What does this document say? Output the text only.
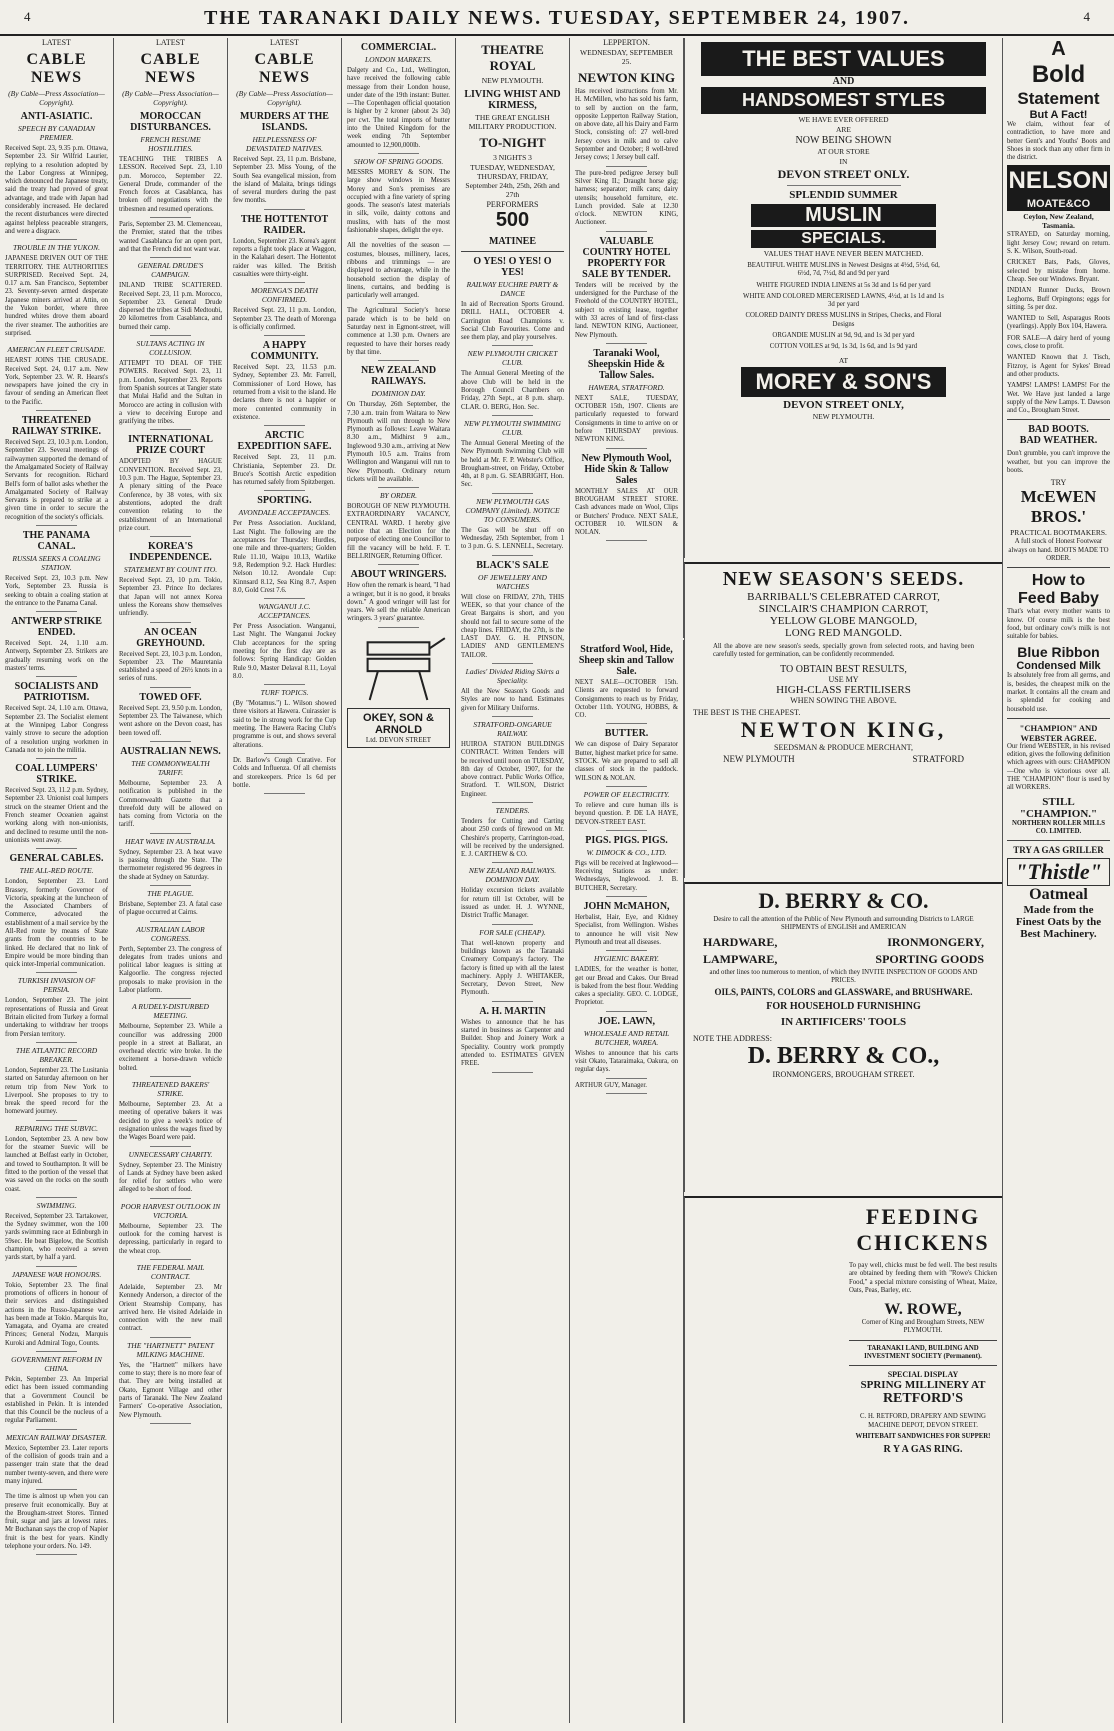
4	THE TARANAKI DAILY NEWS. TUESDAY, SEPTEMBER 24, 1907.	4

LATEST

CABLE NEWS

(By Cable—Press Association—Copyright).

ANTI-ASIATIC.

SPEECH BY CANADIAN PREMIER.

Received Sept. 23, 9.35 p.m. Ottawa, September 23. Sir Wilfrid Laurier, replying to a resolution adopted by the Labor Congress at Winnipeg, which denounced the Japanese treaty, said the treaty had proved of great advantage, and trade with Japan had considerably increased. He declared the recent disturbances were directed against helpless peaceable strangers, and were a disgrace.

TROUBLE IN THE YUKON.

JAPANESE DRIVEN OUT OF THE TERRITORY. THE AUTHORITIES SURPRISED. Received Sept. 24, 0.17 a.m. San Francisco, September 23. Seventy-seven armed desperate Japanese miners arrived at Attin, on the Yukon border, where three hundred whites drove them aboard the river steamer. The authorities are surprised.

AMERICAN FLEET CRUSADE.

HEARST JOINS THE CRUSADE. Received Sept. 24, 0.17 a.m. New York, September 23. W. R. Hearst's newspapers have joined the cry in favour of sending an American fleet to the Pacific.

THREATENED RAILWAY STRIKE.

Received Sept. 23, 10.3 p.m. London, September 23. Several meetings of railwaymen supported the demand of the Amalgamated Society of Railway Servants for recognition. Richard Bell's form of ballot asks whether the Amalgamated Society of Railway Servants is prepared to strike at a given time in order to secure the recognition of the society's officials.

THE PANAMA CANAL.

RUSSIA SEEKS A COALING STATION.

Received Sept. 23, 10.3 p.m. New York, September 23. Russia is seeking to obtain a coaling station at the entrance to the Panama Canal.

ANTWERP STRIKE ENDED.

Received Sept. 24, 1.10 a.m. Antwerp, September 23. Strikers are gradually resuming work on the masters' terms.

SOCIALISTS AND PATRIOTISM.

Received Sept. 24, 1.10 a.m. Ottawa, September 23. The Socialist element at the Winnipeg Labor Congress vainly strove to secure the adoption of a resolution urging workmen in Canada not to join the militia.

COAL LUMPERS' STRIKE.

Received Sept. 23, 11.2 p.m. Sydney, September 23. Unionist coal lumpers struck on the steamer Orient and the French steamer Oceanien against working along with non-unionists, and declined to resume until the non-unionists went away.

GENERAL CABLES.

THE ALL-RED ROUTE.

London, September 23. Lord Brassey, formerly Governor of Victoria, speaking at the luncheon of the Associated Chambers of Commerce, advocated the establishment of a mail service by the All-Red route by means of State grants from the countries to be linked. He declared that no link of Empire would be more binding than quick inter-Imperial communication.

TURKISH INVASION OF PERSIA.

London, September 23. The joint representations of Russia and Great Britain elicited from Turkey a formal undertaking to withdraw her troops from Persian territory.

THE ATLANTIC RECORD BREAKER.

London, September 23. The Lusitania started on Saturday afternoon on her return trip from New York to Liverpool. She proposes to try to break the speed record for the homeward journey.

REPAIRING THE SUBVIC.

London, September 23. A new bow for the steamer Suevic will be launched at Belfast early in October, and towed to Southampton. It will be fitted to the portion of the vessel that was saved on the rocks on the south coast.

SWIMMING.

Received, September 23. Tartakower, the Sydney swimmer, won the 100 yards swimming race at Edinburgh in 59sec. He beat Bigelow, the Scottish champion, who received a seven yards start, by half a yard.

JAPANESE WAR HONOURS.

Tokio, September 23. The final promotions of officers in honour of their services and distinguished actions in the Russo-Japanese war has been made at Tokio. Marquis Ito, Yamagata, and Oyama are created Princes; General Nodzu, Marquis Kuroki and Admiral Togo, Counts.

GOVERNMENT REFORM IN CHINA.

Pekin, September 23. An Imperial edict has been issued commanding that a Government Council be established in Pekin. It is intended that this Council be the nucleus of a regular Parliament.

MEXICAN RAILWAY DISASTER.

Mexico, September 23. Later reports of the collision of goods train and a passenger train state that the dead number twenty-seven, and there were many injured.

The time is almost up when you can preserve fruit economically. Buy at the Brougham-street Stores. Tinned fruit, sugar and jars at lowest rates. Mr Buchanan says the crop of Napier fruit is the best for years. Kindly telephone your orders. No. 149.

LATEST

CABLE NEWS

(By Cable—Press Association—Copyright).

MOROCCAN DISTURBANCES.

FRENCH RESUME HOSTILITIES.

TEACHING THE TRIBES A LESSON. Received Sept. 23, 1.10 p.m. Morocco, September 22. General Drude, commander of the French forces at Casablanca, has broken off negotiations with the tribesmen and resumed operations.

Paris, September 23. M. Clemenceau, the Premier, stated that the tribes wanted Casablanca for an open port, and that the French did not want war.

GENERAL DRUDE'S CAMPAIGN.

INLAND TRIBE SCATTERED. Received Sept. 23, 11 p.m. Morocco, September 23. General Drude dispersed the tribes at Sidi Medtoubi, 20 kilometres from Casablanca, and burned their camp.

SULTANS ACTING IN COLLUSION.

ATTEMPT TO DEAL OF THE POWERS. Received Sept. 23, 11 p.m. London, September 23. Reports from Spanish sources at Tangier state that Mulai Hafid and the Sultan in Morocco are acting in collusion with a view to deceiving Europe and gratifying the tribes.

INTERNATIONAL PRIZE COURT

ADOPTED BY HAGUE CONVENTION. Received Sept. 23, 10.3 p.m. The Hague, September 23. A plenary sitting of the Peace Conference, by 38 votes, with six abstentions, adopted the draft convention relating to the establishment of an International prize court.

KOREA'S INDEPENDENCE.

STATEMENT BY COUNT ITO.

Received Sept. 23, 10 p.m. Tokio, September 23. Prince Ito declares that Japan will not annex Korea unless the Koreans show themselves unfriendly.

AN OCEAN GREYHOUND.

Received Sept. 23, 10.3 p.m. London, September 23. The Mauretania established a speed of 26½ knots in a series of runs.

TOWED OFF.

Received Sept. 23, 9.50 p.m. London, September 23. The Taiwanese, which went ashore on the Devon coast, has been towed off.

AUSTRALIAN NEWS.

THE COMMONWEALTH TARIFF.

Melbourne, September 23. A notification is published in the Commonwealth Gazette that a threefold duty will be allowed on hats coming from Victoria on the tariff.

HEAT WAVE IN AUSTRALIA.

Sydney, September 23. A heat wave is passing through the State. The thermometer registered 96 degrees in the shade at Sydney on Saturday.

THE PLAGUE.

Brisbane, September 23. A fatal case of plague occurred at Cairns.

AUSTRALIAN LABOR CONGRESS.

Perth, September 23. The congress of delegates from trades unions and political labor leagues is sitting at Kalgoorlie. The congress rejected proposals to make provision in the Labor platform.

A RUDELY-DISTURBED MEETING.

Melbourne, September 23. While a councillor was addressing 2000 people in a street at Ballarat, an overhead electric wire broke. In the excitement a horse-drawn vehicle bolted.

THREATENED BAKERS' STRIKE.

Melbourne, September 23. At a meeting of operative bakers it was decided to give a week's notice of resignation unless the wages fixed by the Wages Board were paid.

UNNECESSARY CHARITY.

Sydney, September 23. The Ministry of Lands at Sydney have been asked for relief for settlers who were alleged to be short of food.

POOR HARVEST OUTLOOK IN VICTORIA.

Melbourne, September 23. The outlook for the coming harvest is depressing, particularly in regard to the wheat crop.

THE FEDERAL MAIL CONTRACT.

Adelaide, September 23. Mr Kennedy Anderson, a director of the Orient Steamship Company, has arrived here. He visited Adelaide in connection with the new mail contract.

THE "HARTNETT" PATENT MILKING MACHINE.

Yes, the "Hartnett" milkers have come to stay; there is no more fear of that. They are being installed at Okato, Egmont Village and other parts of Taranaki. The New Zealand Farmers' Co-operative Association, New Plymouth.

LATEST

CABLE NEWS

(By Cable—Press Association—Copyright).

MURDERS AT THE ISLANDS.

HELPLESSNESS OF DEVASTATED NATIVES.

Received Sept. 23, 11 p.m. Brisbane, September 23. Miss Young, of the South Sea evangelical mission, from the island of Malaita, brings tidings of several murders during the past few months.

THE HOTTENTOT RAIDER.

London, September 23. Korea's agent reports a fight took place at Waggon, in the Kalahari desert. The Hottentot raider was killed. The British casualties were thirty-eight.

MORENGA'S DEATH CONFIRMED.

Received Sept. 23, 11 p.m. London, September 23. The death of Morenga is officially confirmed.

A HAPPY COMMUNITY.

Received Sept. 23, 11.53 p.m. Sydney, September 23. Mr. Farrell, Commissioner of Lord Howe, has returned from a visit to the island. He declares there is not a happier or more contented community in existence.

ARCTIC EXPEDITION SAFE.

Received Sept. 23, 11 p.m. Christiania, September 23. Dr. Bruce's Scottish Arctic expedition has returned safely from Spitzbergen.

SPORTING.

AVONDALE ACCEPTANCES.

Per Press Association. Auckland, Last Night. The following are the acceptances for Thursday: Hurdles, one mile and three-quarters; Golden Rule 11.10, Waipu 10.13, Warlike 9.8, Redemption 9.2. Hack Hurdles: Nelson 10.12. Avondale Cup: Kinnsard 8.12, Sea King 8.7, Aspen 8.0, Gold Crest 7.6.

WANGANUI J.C. ACCEPTANCES.

Per Press Association. Wanganui, Last Night. The Wanganui Jockey Club acceptances for the spring meeting for the first day are as follows: Spring Handicap: Golden Rule 9.0, Master Delaval 8.11, Loyal 8.0.

TURF TOPICS.

(By "Motamus.") L. Wilson showed three visitors at Hawera. Cuirassier is said to be in strong work for the Cup meeting. The Hawera Racing Club's programme is out, and shows several alterations.

Dr. Barlow's Cough Curative. For Colds and Influenza. Of all chemists and storekeepers. Price 1s 6d per bottle.

COMMERCIAL.

LONDON MARKETS.

Dalgety and Co., Ltd., Wellington, have received the following cable message from their London house, under date of the 19th instant: Butter.—The Copenhagen official quotation is higher by 2 kroner (about 2s 3d) per cwt. The total imports of butter into the United Kingdom for the week ending 7th September amounted to 12,900,000lb.

SHOW OF SPRING GOODS.

MESSRS MOREY & SON. The large show windows in Messrs Morey and Son's premises are occupied with a fine variety of spring goods. The season's latest materials in silk, voile, dainty cottons and muslins, with hats of the most fashionable shapes, delight the eye.

All the novelties of the season — costumes, blouses, millinery, laces, ribbons and trimmings — are displayed to advantage, while in the household section the display of linens, curtains, and bedding is particularly well arranged.

The Agricultural Society's horse parade which is to be held on Saturday next in Egmont-street, will commence at 1.30 p.m. Owners are requested to have their horses ready by that time.

NEW ZEALAND RAILWAYS.

DOMINION DAY.

On Thursday, 26th September, the 7.30 a.m. train from Waitara to New Plymouth will run through to New Plymouth as follows: Leave Waitara 8.30 a.m., Midhirst 9 a.m., Inglewood 9.30 a.m., arriving at New Plymouth 10.5 a.m. Trains from Wellington and Wanganui will run to New Plymouth. Ordinary return tickets will be available.

BY ORDER.

BOROUGH OF NEW PLYMOUTH. EXTRAORDINARY VACANCY, CENTRAL WARD. I hereby give notice that an Election for the purpose of electing one Councillor to fill the vacancy will be held. F. T. BELLRINGER, Returning Officer.

ABOUT WRINGERS.

How often the remark is heard, "I had a wringer, but it is no good, it breaks down." A good wringer will last for years. We sell the reliable American wringers. 3 years' guarantee.

OKEY, SON & ARNOLD
Ltd. DEVON STREET
THEATRE ROYAL

NEW PLYMOUTH.

LIVING WHIST AND KIRMESS,

THE GREAT ENGLISH MILITARY PRODUCTION.

TO-NIGHT

3 NIGHTS 3

TUESDAY, WEDNESDAY, THURSDAY, FRIDAY, September 24th, 25th, 26th and 27th

PERFORMERS
500
MATINEE
O YES! O YES! O YES!

RAILWAY EUCHRE PARTY & DANCE

In aid of Recreation Sports Ground. DRILL HALL, OCTOBER 4. Carrington Road Champions v. Social Club Favourites. Come and see them play, and play yourselves.

NEW PLYMOUTH CRICKET CLUB.

The Annual General Meeting of the above Club will be held in the Borough Council Chambers on Friday, 27th Sept., at 8 p.m. sharp. CLAR. O. BERG, Hon. Sec.

NEW PLYMOUTH SWIMMING CLUB.

The Annual General Meeting of the New Plymouth Swimming Club will be held at Mr. F. P. Webster's Office, Brougham-street, on Friday, October 4th, at 8 p.m. G. SEABRIGHT, Hon. Sec.

NEW PLYMOUTH GAS COMPANY (Limited). NOTICE TO CONSUMERS.

The Gas will be shut off on Wednesday, 25th September, from 1 to 3 p.m. G. S. LENNELL, Secretary.

BLACK'S SALE

OF JEWELLERY AND WATCHES

Will close on FRIDAY, 27th, THIS WEEK, so that your chance of the Great Bargains is short, and you should not fail to secure some of the cheap lines. FRIDAY, the 27th, is the LAST DAY. G. H. PINSON, LADIES' AND GENTLEMEN'S TAILOR.

Ladies' Divided Riding Skirts a Speciality.

All the New Season's Goods and Styles are now to hand. Estimates given for Military Uniforms.

STRATFORD-ONGARUE RAILWAY.

HUIROA STATION BUILDINGS CONTRACT. Written Tenders will be received until noon on TUESDAY, 8th day of October, 1907, for the above contract. Public Works Office, Stratford. T. WILSON, District Engineer.

TENDERS.

Tenders for Cutting and Carting about 250 cords of firewood on Mr. Cheshire's property, Carrington-road, will be received by the undersigned. E. J. CARTHEW & CO.

NEW ZEALAND RAILWAYS. DOMINION DAY.

Holiday excursion tickets available for return till 1st October, will be issued as under. H. J. WYNNE, District Traffic Manager.

FOR SALE (CHEAP).

That well-known property and buildings known as the Taranaki Creamery Company's factory. The factory is fitted up with all the latest machinery. Apply J. WHITAKER, Secretary, Devon Street, New Plymouth.

A. H. MARTIN

Wishes to announce that he has started in business as Carpenter and Builder. Shop and Joinery Work a Speciality. Country work promptly attended to. ESTIMATES GIVEN FREE.

LEPPERTON.

WEDNESDAY, SEPTEMBER 25.

NEWTON KING

Has received instructions from Mr. H. McMillen, who has sold his farm, to sell by auction on the farm, opposite Lepperton Railway Station, on above date, all his Dairy and Farm Stock, consisting of: 27 well-bred Jersey cows in milk and to calve September and October; 8 well-bred Jersey cows; 1 Jersey bull calf.

The pure-bred pedigree Jersey bull Silver King II.; Draught horse gig; harness; separator; milk cans; dairy utensils; household furniture, etc. Lunch provided. Sale at 12.30 o'clock. NEWTON KING, Auctioneer.

VALUABLE COUNTRY HOTEL PROPERTY FOR SALE BY TENDER.

Tenders will be received by the undersigned for the Purchase of the Freehold of the COUNTRY HOTEL, subject to existing lease, together with 33 acres of land of first-class land. NEWTON KING, Auctioneer, New Plymouth.

Taranaki Wool, Sheepskin Hide & Tallow Sales.

HAWERA, STRATFORD.

NEXT SALE, TUESDAY, OCTOBER 15th, 1907. Clients are particularly requested to forward Consignments in time to arrive on or before THURSDAY previous. NEWTON KING.

New Plymouth Wool, Hide Skin & Tallow Sales

MONTHLY SALES AT OUR BROUGHAM STREET STORE. Cash advances made on Wool, Clips or Butchers' Produce. NEXT SALE, OCTOBER 10. WILSON & NOLAN.

THE BEST VALUES
AND
HANDSOMEST STYLES

WE HAVE EVER OFFERED

ARE

NOW BEING SHOWN

AT OUR STORE

IN

DEVON STREET ONLY.
SPLENDID SUMMER
MUSLIN
SPECIALS.

VALUES THAT HAVE NEVER BEEN MATCHED.

BEAUTIFUL WHITE MUSLINS in Newest Designs at 4½d, 5½d, 6d, 6½d, 7d, 7½d, 8d and 9d per yard

WHITE FIGURED INDIA LINENS at 5s 3d and 1s 6d per yard

WHITE AND COLORED MERCERISED LAWNS, 4½d, at 1s 1d and 1s 3d per yard

COLORED DAINTY DRESS MUSLINS in Stripes, Checks, and Floral Designs

ORGANDIE MUSLIN at 9d, 9d, and 1s 3d per yard

COTTON VOILES at 9d, 1s 3d, 1s 6d, and 1s 9d yard

AT

MOREY & SON'S
DEVON STREET ONLY,

NEW PLYMOUTH.

Stratford Wool, Hide, Sheep skin and Tallow Sale.

NEXT SALE—OCTOBER 15th. Clients are requested to forward Consignments to reach us by Friday, October 11th. YOUNG, HOBBS, & CO.

BUTTER.

We can dispose of Dairy Separator Butter, highest market price for same. STOCK. We are prepared to sell all classes of stock in the paddock. WILSON & NOLAN.

POWER OF ELECTRICITY.

To relieve and cure human ills is beyond question. P. DE LA HAYE, DEVON-STREET EAST.

PIGS. PIGS. PIGS.

W. DIMOCK & CO., LTD.

Pigs will be received at Inglewood—Receiving Stations as under: Wednesdays, Inglewood. J. B. BUTCHER, Secretary.

JOHN McMAHON,

Herbalist, Hair, Eye, and Kidney Specialist, from Wellington. Wishes to announce he will visit New Plymouth and treat all diseases.

HYGIENIC BAKERY.

LADIES, for the weather is hotter, get our Bread and Cakes. Our Bread is baked from the best flour. Wedding cakes a speciality. GEO. C. LODGE, Proprietor.

JOE. LAWN,

WHOLESALE AND RETAIL BUTCHER, WAREA.

Wishes to announce that his carts visit Okato, Tataraimaka, Oakura, on regular days.

ARTHUR GUY, Manager.

NEW SEASON'S SEEDS.
BARRIBALL'S CELEBRATED CARROT,
SINCLAIR'S CHAMPION CARROT,
YELLOW GLOBE MANGOLD,
LONG RED MANGOLD.

All the above are new season's seeds, specially grown from selected roots, and having been carefully tested for germination, can be confidently recommended.

TO OBTAIN BEST RESULTS,
USE MY
HIGH-CLASS FERTILISERS
WHEN SOWING THE ABOVE.
THE BEST IS THE CHEAPEST.
NEWTON KING,
SEEDSMAN & PRODUCE MERCHANT,
NEW PLYMOUTH	STRATFORD
D. BERRY & CO.

Desire to call the attention of the Public of New Plymouth and surrounding Districts to LARGE SHIPMENTS of ENGLISH and AMERICAN

HARDWARE,	IRONMONGERY,
LAMPWARE,	SPORTING GOODS

and other lines too numerous to mention, of which they INVITE INSPECTION OF GOODS AND PRICES.

OILS, PAINTS, COLORS and GLASSWARE, and BRUSHWARE.
FOR HOUSEHOLD FURNISHING
IN ARTIFICERS' TOOLS
NOTE THE ADDRESS:
D. BERRY & CO.,
IRONMONGERS, BROUGHAM STREET.
FEEDING
CHICKENS

To pay well, chicks must be fed well. The best results are obtained by feeding them with "Rowe's Chicken Food," a special mixture consisting of Wheat, Maize, Oats, Peas, Barley, etc.

W. ROWE,

Corner of King and Brougham Streets, NEW PLYMOUTH.

TARANAKI LAND, BUILDING AND INVESTMENT SOCIETY (Permanent).

SPECIAL DISPLAY
SPRING MILLINERY AT
RETFORD'S

C. H. RETFORD, DRAPERY AND SEWING MACHINE DEPOT, DEVON STREET.

WHITEBAIT SANDWICHES FOR SUPPER!

R Y A GAS RING.
A
Bold
Statement
But A Fact!

We claim, without fear of contradiction, to have more and better Gent's and Youths' Boots and Shoes in stock than any other firm in the district.

NELSON
MOATE&CO

Ceylon, New Zealand, Tasmania.

STRAYED, on Saturday morning, light Jersey Cow; reward on return. S. K. Wilson, South-road.

CRICKET Bats, Pads, Gloves, selected by mistake from home. Cheap. See our Windows. Bryant.

INDIAN Runner Ducks, Brown Leghorns, Buff Orpingtons; eggs for sitting. 5s per doz.

WANTED to Sell, Asparagus Roots (yearlings). Apply Box 104, Hawera.

FOR SALE—A dairy herd of young cows, close to profit.

WANTED Known that J. Tisch, Fitzroy, is Agent for Sykes' Bread and other products.

YAMPS! LAMPS! LAMPS! For the Wet. We Have just landed a large supply of the New Lamps. T. Dawson and Co., Brougham Street.

BAD BOOTS.
BAD WEATHER.

Don't grumble, you can't improve the weather, but you can improve the boots.

TRY
McEWEN
BROS.'

PRACTICAL BOOTMAKERS.

A full stock of Honest Footwear always on hand. BOOTS MADE TO ORDER.

How to
Feed Baby

That's what every mother wants to know. Of course milk is the best food, but ordinary cow's milk is not suitable for babies.

Blue Ribbon
Condensed Milk

Is absolutely free from all germs, and is, besides, the cheapest milk on the market. It contains all the cream and is splendid for cooking and household use.

"CHAMPION" AND WEBSTER AGREE.

Our friend WEBSTER, in his revised edition, gives the following definition which agrees with ours: CHAMPION—One who is victorious over all. THE "CHAMPION" flour is used by all WORKERS.

STILL "CHAMPION."

NORTHERN ROLLER MILLS CO. LIMITED.

TRY A GAS GRILLER
"Thistle"
Oatmeal
Made from the
Finest Oats by the
Best Machinery.
